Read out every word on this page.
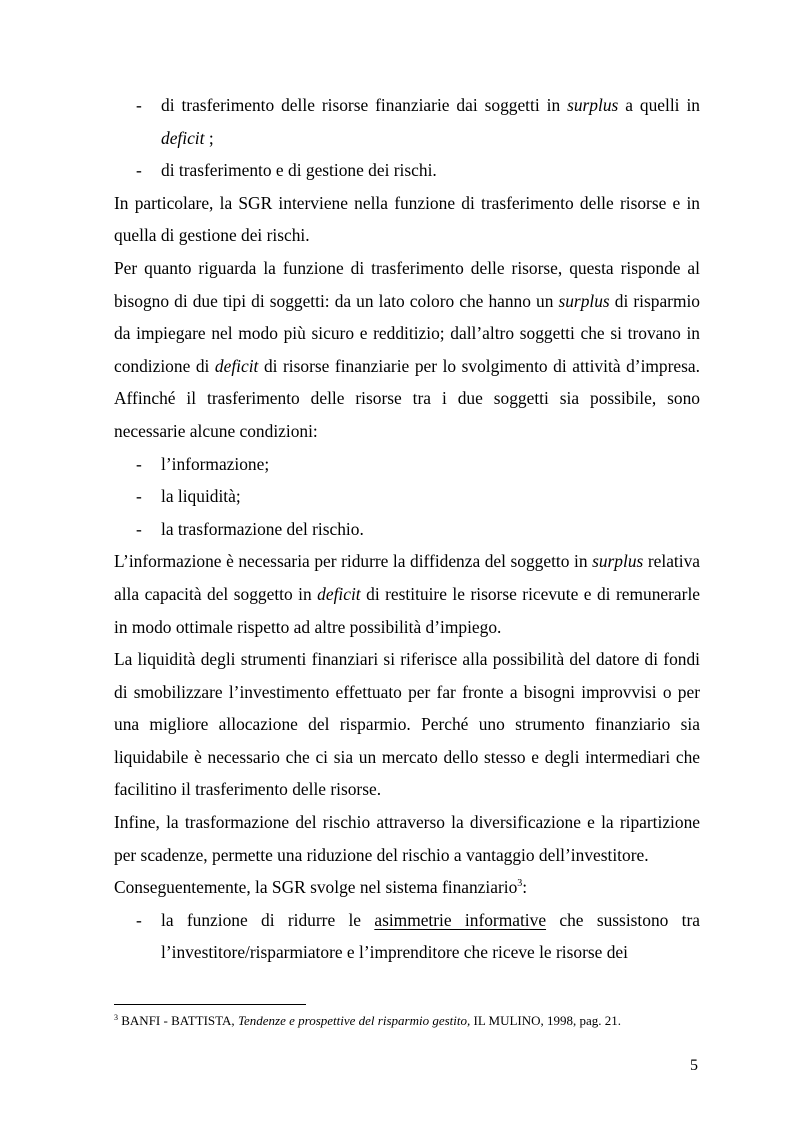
- di trasferimento delle risorse finanziarie dai soggetti in surplus a quelli in deficit ;

- di trasferimento e di gestione dei rischi.

In particolare, la SGR interviene nella funzione di trasferimento delle risorse e in quella di gestione dei rischi.

Per quanto riguarda la funzione di trasferimento delle risorse, questa risponde al bisogno di due tipi di soggetti: da un lato coloro che hanno un surplus di risparmio da impiegare nel modo più sicuro e redditizio; dall’altro soggetti che si trovano in condizione di deficit di risorse finanziarie per lo svolgimento di attività d’impresa. Affinché il trasferimento delle risorse tra i due soggetti sia possibile, sono necessarie alcune condizioni:

- l’informazione;

- la liquidità;

- la trasformazione del rischio.

L’informazione è necessaria per ridurre la diffidenza del soggetto in surplus relativa alla capacità del soggetto in deficit di restituire le risorse ricevute e di remunerarle in modo ottimale rispetto ad altre possibilità d’impiego.

La liquidità degli strumenti finanziari si riferisce alla possibilità del datore di fondi di smobilizzare l’investimento effettuato per far fronte a bisogni improvvisi o per una migliore allocazione del risparmio. Perché uno strumento finanziario sia liquidabile è necessario che ci sia un mercato dello stesso e degli intermediari che facilitino il trasferimento delle risorse.

Infine, la trasformazione del rischio attraverso la diversificazione e la ripartizione per scadenze, permette una riduzione del rischio a vantaggio dell’investitore.

Conseguentemente, la SGR svolge nel sistema finanziario$^3$:

- la funzione di ridurre le asimmetrie informative che sussistono tra l’investitore/risparmiatore e l’imprenditore che riceve le risorse dei

$^3$ BANFI - BATTISTA, Tendenze e prospettive del risparmio gestito, IL MULINO, 1998, pag. 21.
5
